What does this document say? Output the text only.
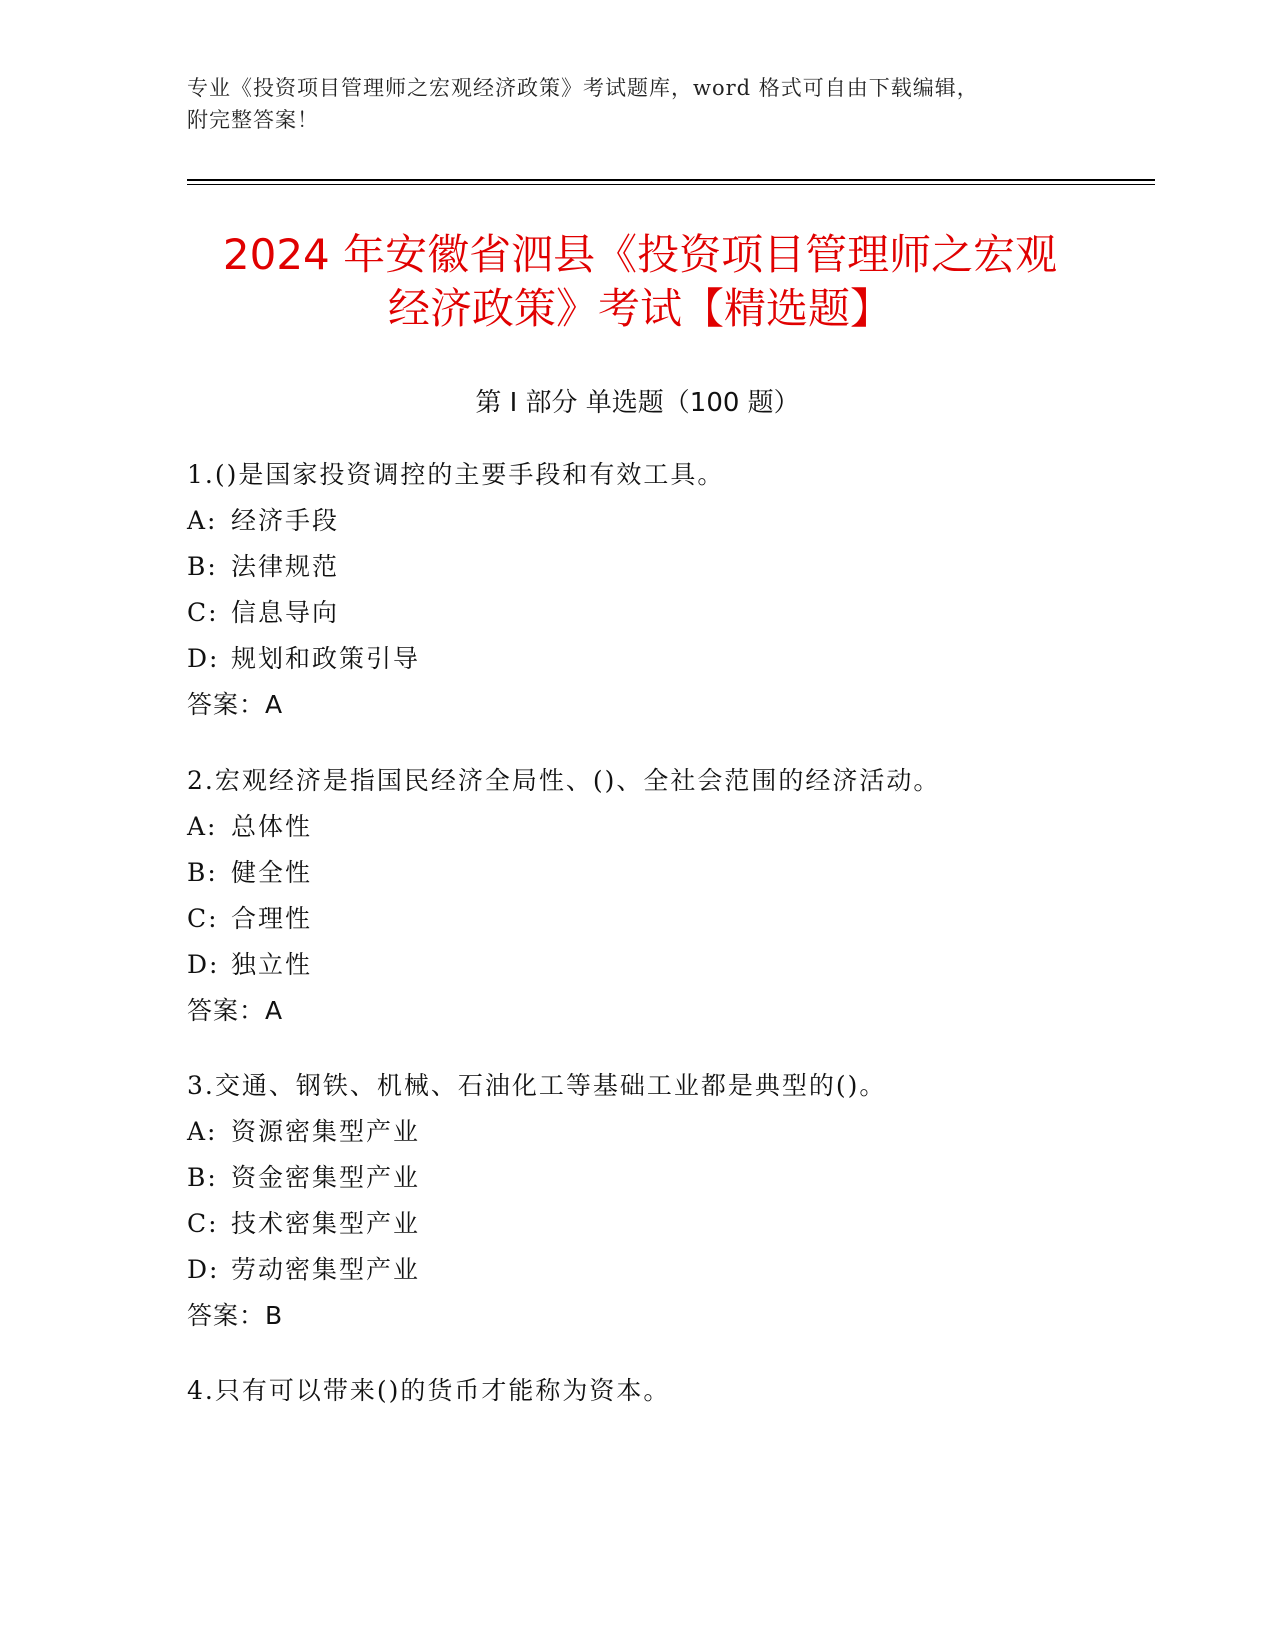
专业《投资项目管理师之宏观经济政策》考试题库，word 格式可自由下载编辑，
附完整答案！
2024 年安徽省泗县《投资项目管理师之宏观
经济政策》考试【精选题】
第 I 部分 单选题（100 题）
1.()是国家投资调控的主要手段和有效工具。
A: 经济手段
B: 法律规范
C: 信息导向
D: 规划和政策引导
答案：A
2.宏观经济是指国民经济全局性、()、全社会范围的经济活动。
A: 总体性
B: 健全性
C: 合理性
D: 独立性
答案：A
3.交通、钢铁、机械、石油化工等基础工业都是典型的()。
A: 资源密集型产业
B: 资金密集型产业
C: 技术密集型产业
D: 劳动密集型产业
答案：B
4.只有可以带来()的货币才能称为资本。
